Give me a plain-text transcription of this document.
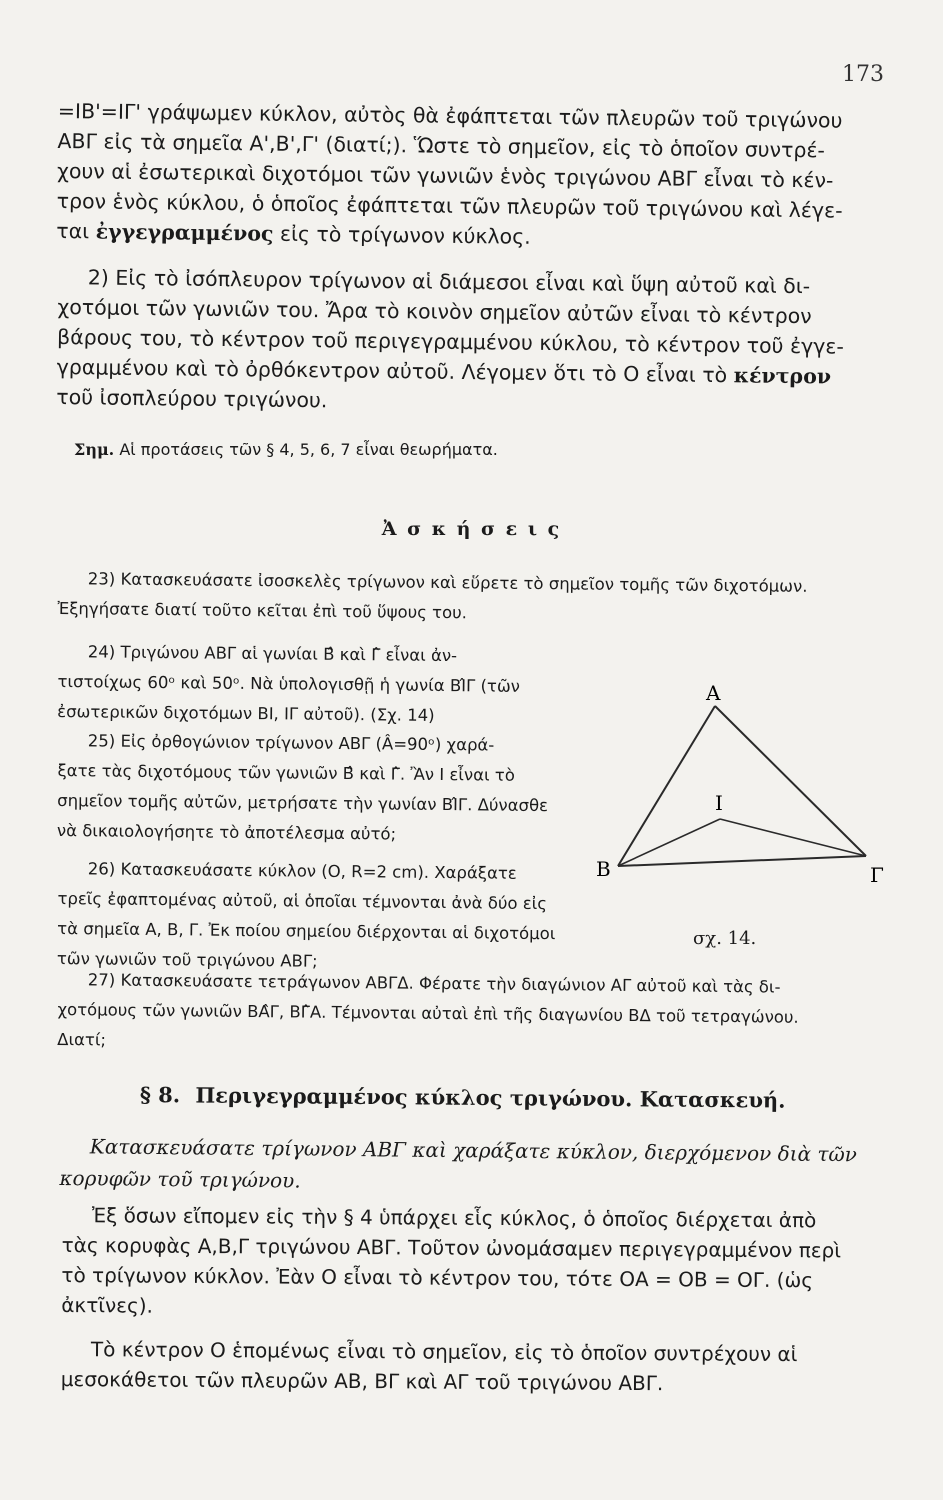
173
=ΙΒ'=ΙΓ' γράψωμεν κύκλον, αὐτὸς θὰ ἐφάπτεται τῶν πλευρῶν τοῦ τριγώνου
ΑΒΓ εἰς τὰ σημεῖα Α',Β',Γ' (διατί;). Ὥστε τὸ σημεῖον, εἰς τὸ ὁποῖον συντρέ-
χουν αἱ ἐσωτερικαὶ διχοτόμοι τῶν γωνιῶν ἑνὸς τριγώνου ΑΒΓ εἶναι τὸ κέν-
τρον ἑνὸς κύκλου, ὁ ὁποῖος ἐφάπτεται τῶν πλευρῶν τοῦ τριγώνου καὶ λέγε-
ται ἐγγεγραμμένος εἰς τὸ τρίγωνον κύκλος.
2) Εἰς τὸ ἰσόπλευρον τρίγωνον αἱ διάμεσοι εἶναι καὶ ὕψη αὐτοῦ καὶ δι-
χοτόμοι τῶν γωνιῶν του. Ἄρα τὸ κοινὸν σημεῖον αὐτῶν εἶναι τὸ κέντρον
βάρους του, τὸ κέντρον τοῦ περιγεγραμμένου κύκλου, τὸ κέντρον τοῦ ἐγγε-
γραμμένου καὶ τὸ ὀρθόκεντρον αὐτοῦ. Λέγομεν ὅτι τὸ Ο εἶναι τὸ κέντρον
τοῦ ἰσοπλεύρου τριγώνου.
Σημ. Αἱ προτάσεις τῶν § 4, 5, 6, 7 εἶναι θεωρήματα.
Ἀ σ κ ή σ ε ι ς
23) Κατασκευάσατε ἰσοσκελὲς τρίγωνον καὶ εὕρετε τὸ σημεῖον τομῆς τῶν διχοτόμων.
Ἐξηγήσατε διατί τοῦτο κεῖται ἐπὶ τοῦ ὕψους του.
24) Τριγώνου ΑΒΓ αἱ γωνίαι Β̂ καὶ Γ̂ εἶναι ἀν-
τιστοίχως 60ᵒ καὶ 50ᵒ. Νὰ ὑπολογισθῇ ἡ γωνία ΒΙ̂Γ (τῶν
ἐσωτερικῶν διχοτόμων ΒΙ, ΙΓ αὐτοῦ). (Σχ. 14)
25) Εἰς ὀρθογώνιον τρίγωνον ΑΒΓ (Â=90ᵒ) χαρά-
ξατε τὰς διχοτόμους τῶν γωνιῶν Β̂ καὶ Γ̂. Ἂν Ι εἶναι τὸ
σημεῖον τομῆς αὐτῶν, μετρήσατε τὴν γωνίαν ΒΙ̂Γ. Δύνασθε
νὰ δικαιολογήσητε τὸ ἀποτέλεσμα αὐτό;
26) Κατασκευάσατε κύκλον (Ο, R=2 cm). Χαράξατε
τρεῖς ἐφαπτομένας αὐτοῦ, αἱ ὁποῖαι τέμνονται ἀνὰ δύο εἰς
τὰ σημεῖα Α, Β, Γ. Ἐκ ποίου σημείου διέρχονται αἱ διχοτόμοι
τῶν γωνιῶν τοῦ τριγώνου ΑΒΓ;
Α
Β	Γ
Ι
σχ. 14.
27) Κατασκευάσατε τετράγωνον ΑΒΓΔ. Φέρατε τὴν διαγώνιον ΑΓ αὐτοῦ καὶ τὰς δι-
χοτόμους τῶν γωνιῶν ΒΑ̂Γ, ΒΓ̂Α. Τέμνονται αὐταὶ ἐπὶ τῆς διαγωνίου ΒΔ τοῦ τετραγώνου.
Διατί;
§ 8. Περιγεγραμμένος κύκλος τριγώνου. Κατασκευή.
Κατασκευάσατε τρίγωνον ΑΒΓ καὶ χαράξατε κύκλον, διερχόμενον διὰ τῶν
κορυφῶν τοῦ τριγώνου.
Ἐξ ὅσων εἴπομεν εἰς τὴν § 4 ὑπάρχει εἷς κύκλος, ὁ ὁποῖος διέρχεται ἀπὸ
τὰς κορυφὰς Α,Β,Γ τριγώνου ΑΒΓ. Τοῦτον ὠνομάσαμεν περιγεγραμμένον περὶ
τὸ τρίγωνον κύκλον. Ἐὰν Ο εἶναι τὸ κέντρον του, τότε ΟΑ = ΟΒ = ΟΓ. (ὡς
ἀκτῖνες).
Τὸ κέντρον Ο ἑπομένως εἶναι τὸ σημεῖον, εἰς τὸ ὁποῖον συντρέχουν αἱ
μεσοκάθετοι τῶν πλευρῶν ΑΒ, ΒΓ καὶ ΑΓ τοῦ τριγώνου ΑΒΓ.
